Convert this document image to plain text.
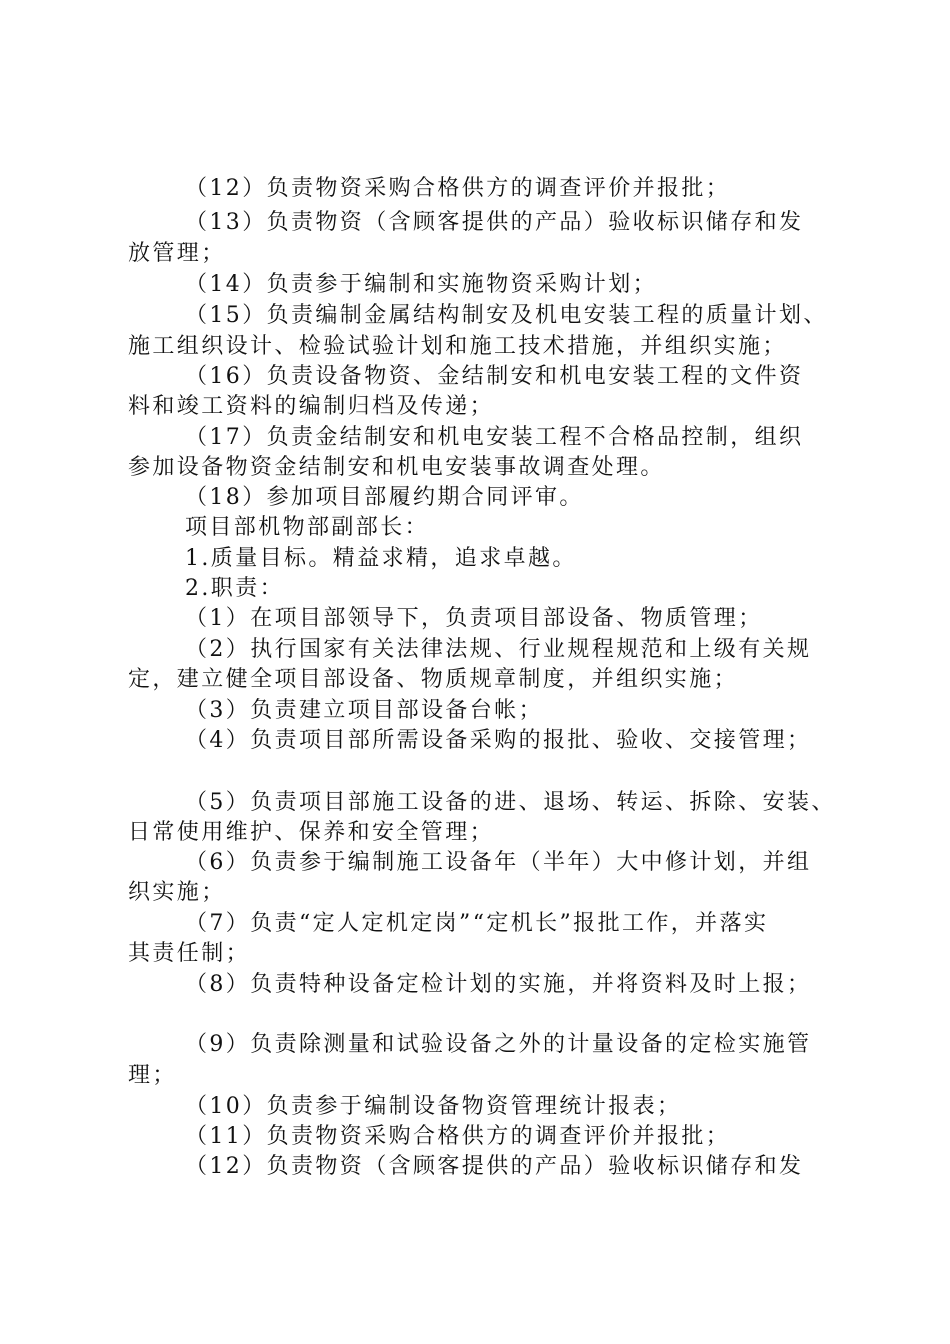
（12）负责物资采购合格供方的调查评价并报批；
（13）负责物资（含顾客提供的产品）验收标识储存和发
放管理；
（14）负责参于编制和实施物资采购计划；
（15）负责编制金属结构制安及机电安装工程的质量计划、
施工组织设计、检验试验计划和施工技术措施，并组织实施；
（16）负责设备物资、金结制安和机电安装工程的文件资
料和竣工资料的编制归档及传递；
（17）负责金结制安和机电安装工程不合格品控制，组织
参加设备物资金结制安和机电安装事故调查处理。
（18）参加项目部履约期合同评审。
项目部机物部副部长：
1.质量目标。精益求精，追求卓越。
2.职责：
（1）在项目部领导下，负责项目部设备、物质管理；
（2）执行国家有关法律法规、行业规程规范和上级有关规
定，建立健全项目部设备、物质规章制度，并组织实施；
（3）负责建立项目部设备台帐；
（4）负责项目部所需设备采购的报批、验收、交接管理；
（5）负责项目部施工设备的进、退场、转运、拆除、安装、
日常使用维护、保养和安全管理；
（6）负责参于编制施工设备年（半年）大中修计划，并组
织实施；
（7）负责“定人定机定岗”“定机长”报批工作，并落实
其责任制；
（8）负责特种设备定检计划的实施，并将资料及时上报；
（9）负责除测量和试验设备之外的计量设备的定检实施管
理；
（10）负责参于编制设备物资管理统计报表；
（11）负责物资采购合格供方的调查评价并报批；
（12）负责物资（含顾客提供的产品）验收标识储存和发
